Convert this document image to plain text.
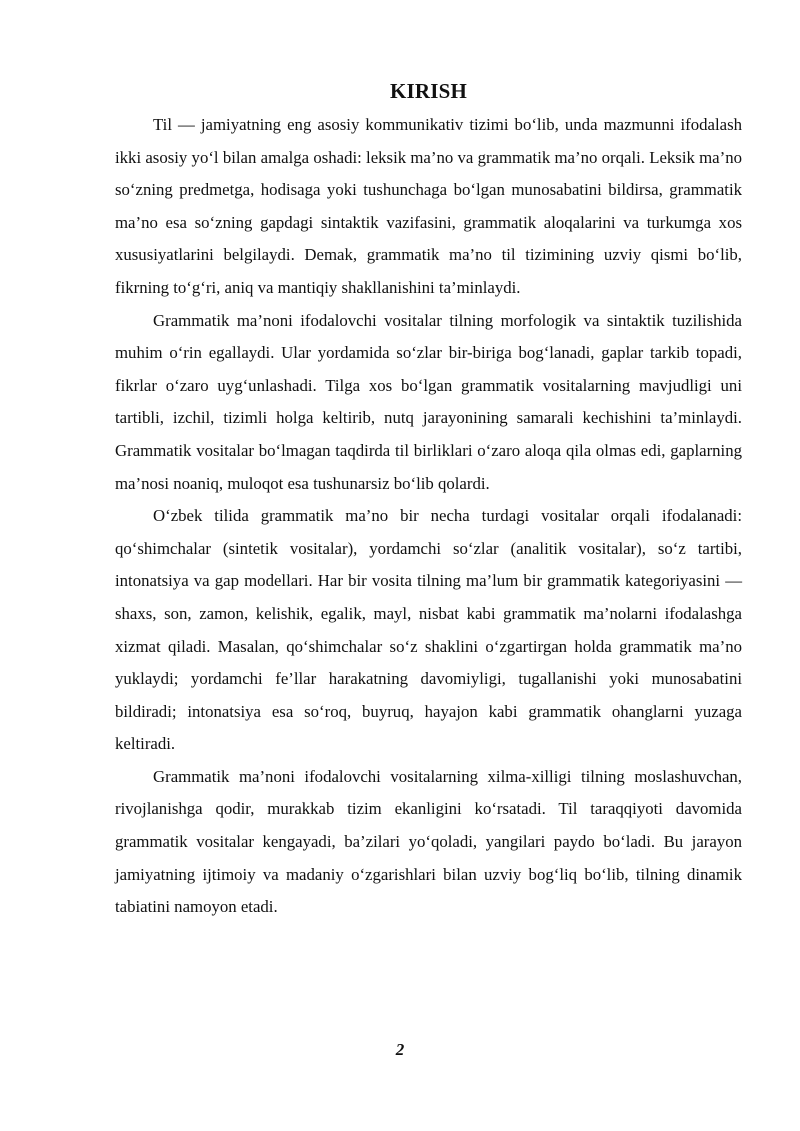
KIRISH

Til — jamiyatning eng asosiy kommunikativ tizimi bo‘lib, unda mazmunni ifodalash ikki asosiy yo‘l bilan amalga oshadi: leksik ma’no va grammatik ma’no orqali. Leksik ma’no so‘zning predmetga, hodisaga yoki tushunchaga bo‘lgan munosabatini bildirsa, grammatik ma’no esa so‘zning gapdagi sintaktik vazifasini, grammatik aloqalarini va turkumga xos xususiyatlarini belgilaydi. Demak, grammatik ma’no til tizimining uzviy qismi bo‘lib, fikrning to‘g‘ri, aniq va mantiqiy shakllanishini ta’minlaydi.

Grammatik ma’noni ifodalovchi vositalar tilning morfologik va sintaktik tuzilishida muhim o‘rin egallaydi. Ular yordamida so‘zlar bir-biriga bog‘lanadi, gaplar tarkib topadi, fikrlar o‘zaro uyg‘unlashadi. Tilga xos bo‘lgan grammatik vositalarning mavjudligi uni tartibli, izchil, tizimli holga keltirib, nutq jarayonining samarali kechishini ta’minlaydi. Grammatik vositalar bo‘lmagan taqdirda til birliklari o‘zaro aloqa qila olmas edi, gaplarning ma’nosi noaniq, muloqot esa tushunarsiz bo‘lib qolardi.

O‘zbek tilida grammatik ma’no bir necha turdagi vositalar orqali ifodalanadi: qo‘shimchalar (sintetik vositalar), yordamchi so‘zlar (analitik vositalar), so‘z tartibi, intonatsiya va gap modellari. Har bir vosita tilning ma’lum bir grammatik kategoriyasini — shaxs, son, zamon, kelishik, egalik, mayl, nisbat kabi grammatik ma’nolarni ifodalashga xizmat qiladi. Masalan, qo‘shimchalar so‘z shaklini o‘zgartirgan holda grammatik ma’no yuklaydi; yordamchi fe’llar harakatning davomiyligi, tugallanishi yoki munosabatini bildiradi; intonatsiya esa so‘roq, buyruq, hayajon kabi grammatik ohanglarni yuzaga keltiradi.

Grammatik ma’noni ifodalovchi vositalarning xilma-xilligi tilning moslashuvchan, rivojlanishga qodir, murakkab tizim ekanligini ko‘rsatadi. Til taraqqiyoti davomida grammatik vositalar kengayadi, ba’zilari yo‘qoladi, yangilari paydo bo‘ladi. Bu jarayon jamiyatning ijtimoiy va madaniy o‘zgarishlari bilan uzviy bog‘liq bo‘lib, tilning dinamik tabiatini namoyon etadi.

2
